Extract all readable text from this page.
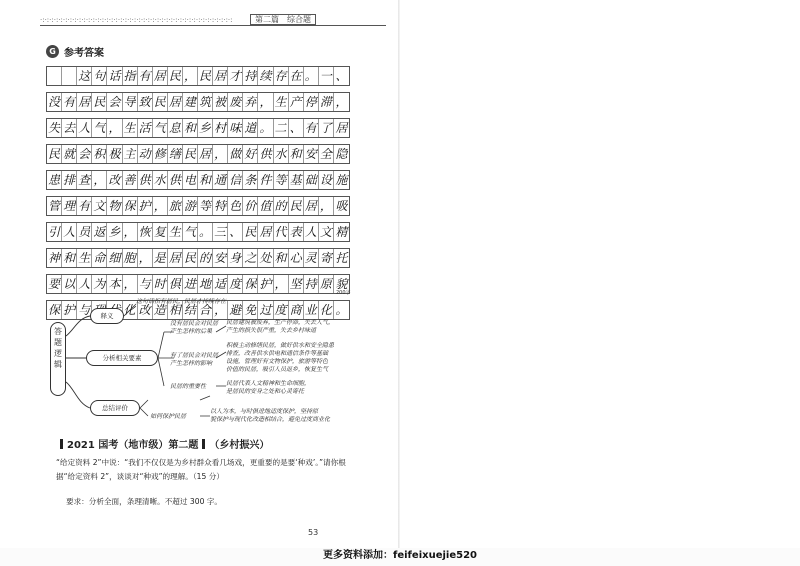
·:·:·:·:·:·:·:·:·:·:·:·:·:·:·:·:·:·:·:·:·:·:·:·:·:·:·:·:·:·:·:·:·:·:·:·:·:·:·:·:·:·:	第二篇　综合题
G 参考答案
这 句 话 指 有 居 民 ， 民 居 才 持 续 存 在 。 一 、
没 有 居 民 会 导 致 民 居 建 筑 被 废 弃 ， 生 产 停 滞 ，
失 去 人 气 ， 生 活 气 息 和 乡 村 味 道 。 二 、 有 了 居
民 就 会 积 极 主 动 修 缮 民 居 ， 做 好 供 水 和 安 全 隐
患 排 查 ， 改 善 供 水 供 电 和 通 信 条 件 等 基 础 设 施
管 理 有 文 物 保 护 ， 旅 游 等 特 色 价 值 的 民 居 ， 吸
引 人 员 返 乡 ， 恢 复 生 气 。 三 、 民 居 代 表 人 文 精
神 和 生 命 细 胞 ， 是 居 民 的 安 身 之 处 和 心 灵 寄 托
要 以 人 为 本 ， 与 时 俱 进 地 适 度 保 护 ， 坚 持 原 貌
保 护 与	化 改 造 相 结 合 ， 避 免 过 度 商 业 化 。
200字
答题逻辑
释义
分析相关要素
总结评价
这句话指有居民，民居才持续存在
没有居民会对民居
产生怎样的后果
民居建筑被废弃，生产停滞，失去人气，
产生的损失很严重，失去乡村味道
有了居民会对民居
产生怎样的影响
积极主动修缮民居，做好供水和安全隐患
排查，改善供水供电和通信条件等基础
设施，管理好有文物保护，旅游等特色
价值的民居，吸引人员返乡，恢复生气
民居的重要性	民居代表人文精神和生命细胞，
是居民的安身之处和心灵寄托
如何保护民居
以人为本，与时俱进地适度保护，坚持原
貌保护与现代化改造相结合，避免过度商业化
2021 国考（地市级）第二题 （乡村振兴）
“给定资料 2”中说：“我们不仅仅是为乡村群众看几场戏，更重要的是要‘种戏’。”请你根据“给定资料 2”，谈谈对“种戏”的理解。（15 分）
要求：分析全面，条理清晰。不超过 300 字。
53

更多资料添加：feifeixuejie520
